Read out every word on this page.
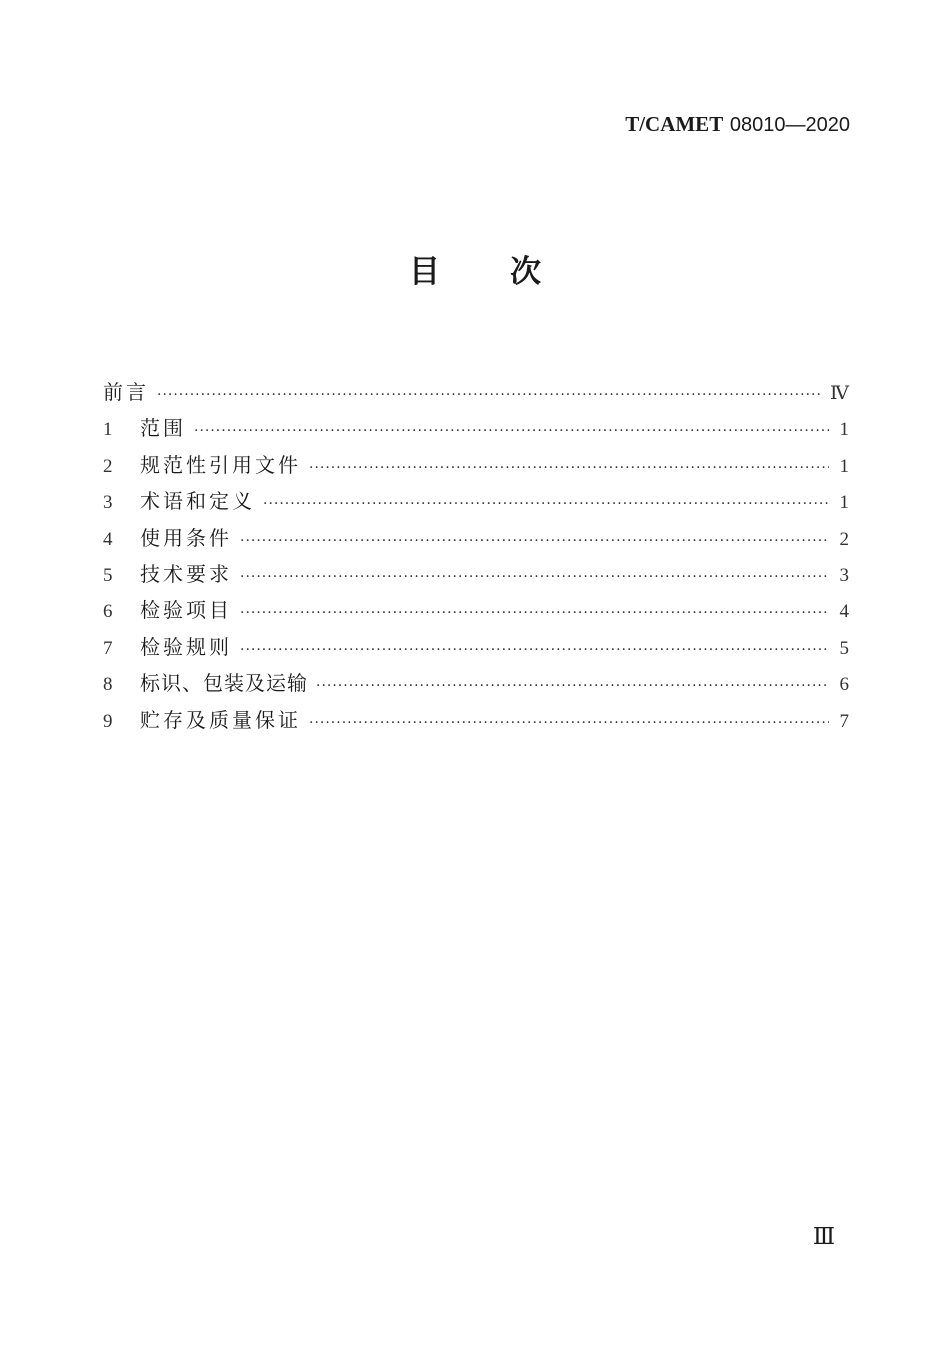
T/CAMET 08010—2020
目次
前言 ·····	Ⅳ
1	范围 ·····	1
2	规范性引用文件 ·····	1
3	术语和定义 ·····	1
4	使用条件 ·····	2
5	技术要求 ·····	3
6	检验项目 ·····	4
7	检验规则 ·····	5
8	标识、包装及运输 ·····	6
9	贮存及质量保证 ·····	7
Ⅲ
